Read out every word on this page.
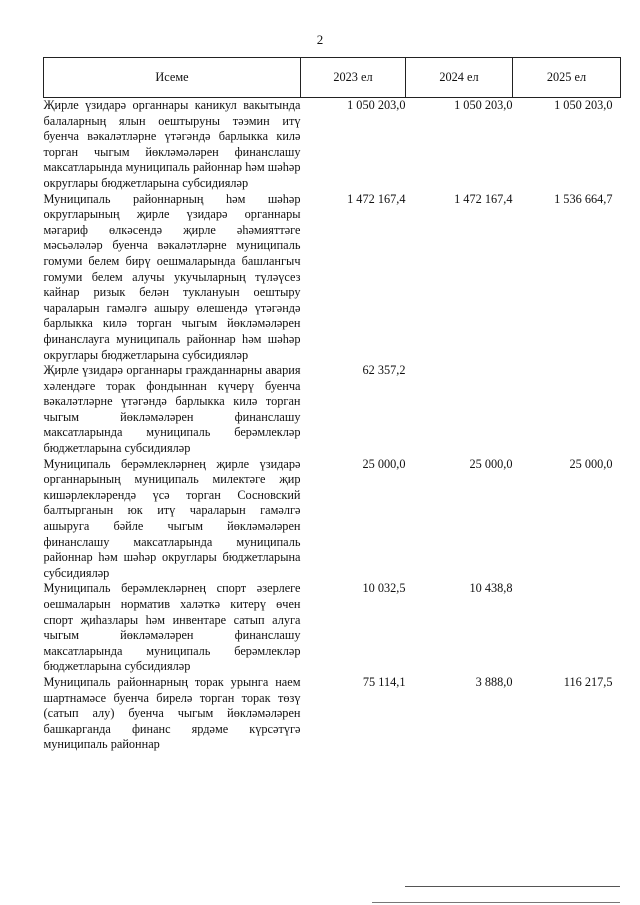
2
Исеме	2023 ел	2024 ел	2025 ел
Җирле үзидарә органнары каникул вакытында балаларның ялын оештыруны тәэмин итү буенча вәкаләтләрне үтәгәндә барлыкка килә торган чыгым йөкләмәләрен финанслашу максатларында муниципаль районнар һәм шәһәр округлары бюджетларына субсидияләр	1 050 203,0	1 050 203,0	1 050 203,0
Муниципаль районнарның һәм шәһәр округларының җирле үзидарә органнары мәгариф өлкәсендә җирле әһәмияттәге мәсьәләләр буенча вәкаләтләрне муниципаль гомуми белем бирү оешмаларында башлангыч гомуми белем алучы укучыларның түләүсез кайнар ризык белән туклануын оештыру чараларын гамәлгә ашыру өлешендә үтәгәндә барлыкка килә торган чыгым йөкләмәләрен финанслауга муниципаль районнар һәм шәһәр округлары бюджетларына субсидияләр	1 472 167,4	1 472 167,4	1 536 664,7
Җирле үзидарә органнары гражданнарны авария хәлендәге торак фондыннан күчерү буенча вәкаләтләрне үтәгәндә барлыкка килә торган чыгым йөкләмәләрен финанслашу максатларында муниципаль берәмлекләр бюджетларына субсидияләр	62 357,2		
Муниципаль берәмлекләрнең җирле үзидарә органнарының муниципаль милектәге җир кишәрлекләрендә үсә торган Сосновский балтырганын юк итү чараларын гамәлгә ашыруга бәйле чыгым йөкләмәләрен финанслашу максатларында муниципаль районнар һәм шәһәр округлары бюджетларына субсидияләр	25 000,0	25 000,0	25 000,0
Муниципаль берәмлекләрнең спорт әзерлеге оешмаларын норматив халәткә китерү өчен спорт җиһазлары һәм инвентаре сатып алуга чыгым йөкләмәләрен финанслашу максатларында муниципаль берәмлекләр бюджетларына субсидияләр	10 032,5	10 438,8	
Муниципаль районнарның торак урынга наем шартнамәсе буенча бирелә торган торак төзү (сатып алу) буенча чыгым йөкләмәләрен башкарганда финанс ярдәме күрсәтүгә муниципаль районнар	75 114,1	3 888,0	116 217,5
